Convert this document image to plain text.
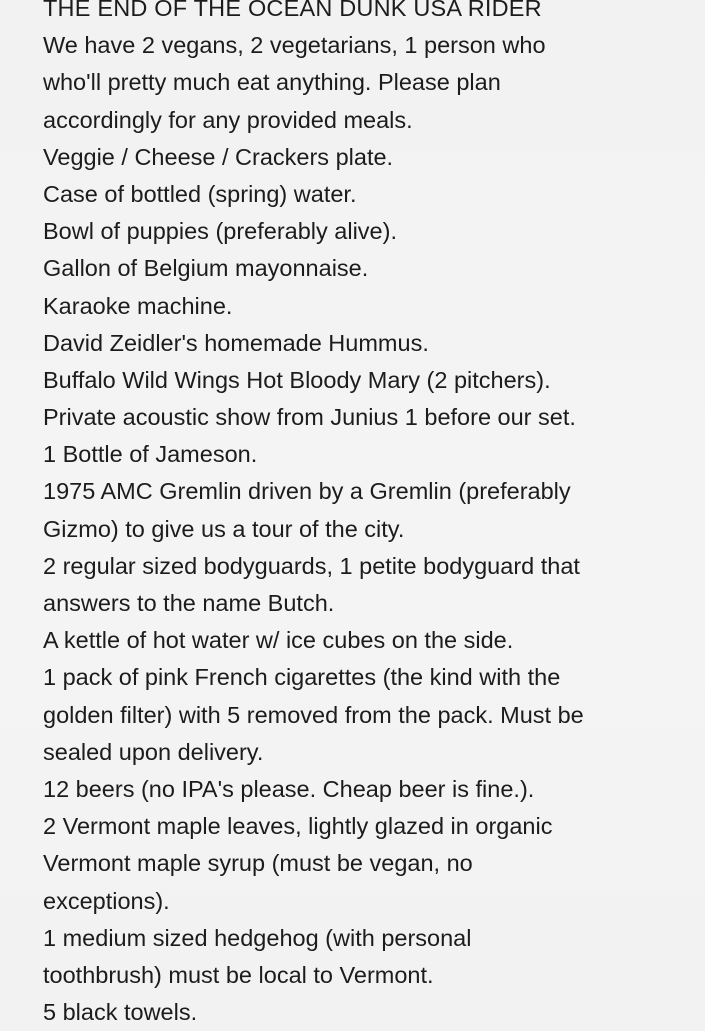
THE END OF THE OCEAN DUNK USA RIDER
We have 2 vegans, 2 vegetarians, 1 person who
who'll pretty much eat anything. Please plan
accordingly for any provided meals.
Veggie / Cheese / Crackers plate.
Case of bottled (spring) water.
Bowl of puppies (preferably alive).
Gallon of Belgium mayonnaise.
Karaoke machine.
David Zeidler's homemade Hummus.
Buffalo Wild Wings Hot Bloody Mary (2 pitchers).
Private acoustic show from Junius 1 before our set.
1 Bottle of Jameson.
1975 AMC Gremlin driven by a Gremlin (preferably
Gizmo) to give us a tour of the city.
2 regular sized bodyguards, 1 petite bodyguard that
answers to the name Butch.
A kettle of hot water w/ ice cubes on the side.
1 pack of pink French cigarettes (the kind with the
golden filter) with 5 removed from the pack. Must be
sealed upon delivery.
12 beers (no IPA's please. Cheap beer is fine.).
2 Vermont maple leaves, lightly glazed in organic
Vermont maple syrup (must be vegan, no
exceptions).
1 medium sized hedgehog (with personal
toothbrush) must be local to Vermont.
5 black towels.
